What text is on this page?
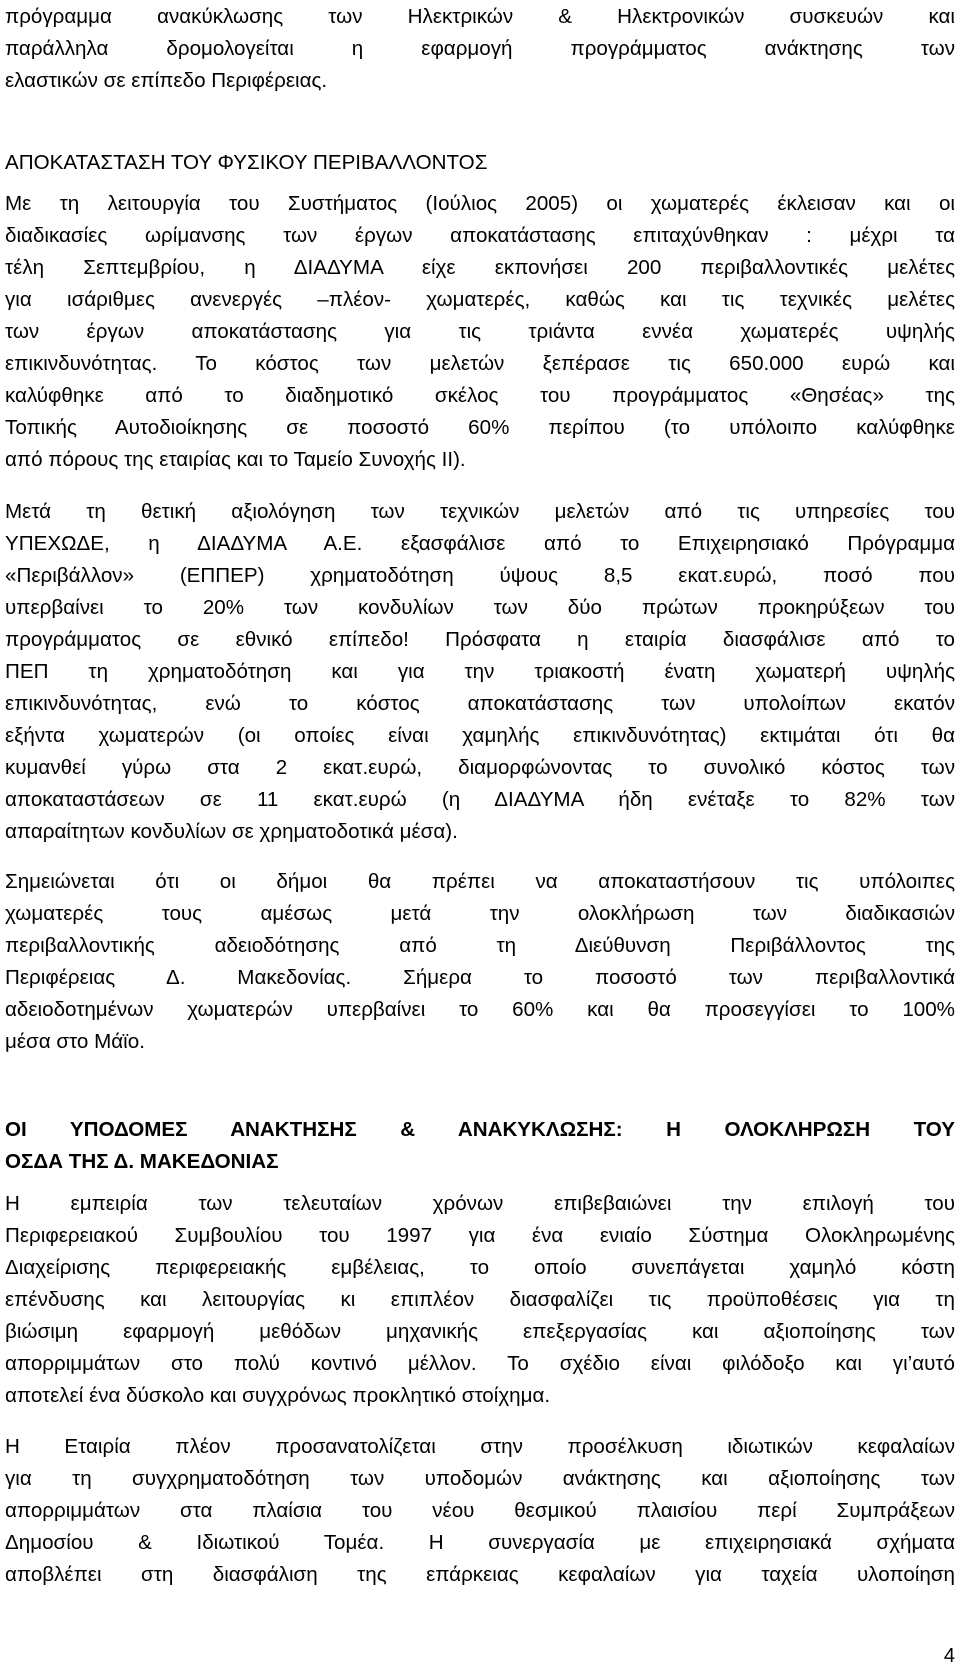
πρόγραμμα ανακύκλωσης των Ηλεκτρικών & Ηλεκτρονικών συσκευών και
παράλληλα δρομολογείται η εφαρμογή προγράμματος ανάκτησης των
ελαστικών σε επίπεδο Περιφέρειας.
ΑΠΟΚΑΤΑΣΤΑΣΗ ΤΟΥ ΦΥΣΙΚΟΥ ΠΕΡΙΒΑΛΛΟΝΤΟΣ
Με τη λειτουργία του Συστήματος (Ιούλιος 2005) οι χωματερές έκλεισαν και οι
διαδικασίες ωρίμανσης των έργων αποκατάστασης επιταχύνθηκαν : μέχρι τα
τέλη Σεπτεμβρίου, η ΔΙΑΔΥΜΑ είχε εκπονήσει 200 περιβαλλοντικές μελέτες
για ισάριθμες ανενεργές –πλέον- χωματερές, καθώς και τις τεχνικές μελέτες
των έργων αποκατάστασης για τις τριάντα εννέα χωματερές υψηλής
επικινδυνότητας. Το κόστος των μελετών ξεπέρασε τις 650.000 ευρώ και
καλύφθηκε από το διαδημοτικό σκέλος του προγράμματος «Θησέας» της
Τοπικής Αυτοδιοίκησης σε ποσοστό 60% περίπου (το υπόλοιπο καλύφθηκε
από πόρους της εταιρίας και το Ταμείο Συνοχής ΙΙ).
Μετά τη θετική αξιολόγηση των τεχνικών μελετών από τις υπηρεσίες του
ΥΠΕΧΩΔΕ, η ΔΙΑΔΥΜΑ Α.Ε. εξασφάλισε από το Επιχειρησιακό Πρόγραμμα
«Περιβάλλον» (ΕΠΠΕΡ) χρηματοδότηση ύψους 8,5 εκατ.ευρώ, ποσό που
υπερβαίνει το 20% των κονδυλίων των δύο πρώτων προκηρύξεων του
προγράμματος σε εθνικό επίπεδο! Πρόσφατα η εταιρία διασφάλισε από το
ΠΕΠ τη χρηματοδότηση και για την τριακοστή ένατη χωματερή υψηλής
επικινδυνότητας, ενώ το κόστος αποκατάστασης των υπολοίπων εκατόν
εξήντα χωματερών (οι οποίες είναι χαμηλής επικινδυνότητας) εκτιμάται ότι θα
κυμανθεί γύρω στα 2 εκατ.ευρώ, διαμορφώνοντας το συνολικό κόστος των
αποκαταστάσεων σε 11 εκατ.ευρώ (η ΔΙΑΔΥΜΑ ήδη ενέταξε το 82% των
απαραίτητων κονδυλίων σε χρηματοδοτικά μέσα).
Σημειώνεται ότι οι δήμοι θα πρέπει να αποκαταστήσουν τις υπόλοιπες
χωματερές τους αμέσως μετά την ολοκλήρωση των διαδικασιών
περιβαλλοντικής αδειοδότησης από τη Διεύθυνση Περιβάλλοντος της
Περιφέρειας Δ. Μακεδονίας. Σήμερα το ποσοστό των περιβαλλοντικά
αδειοδοτημένων χωματερών υπερβαίνει το 60% και θα προσεγγίσει το 100%
μέσα στο Μάϊο.
ΟΙ ΥΠΟΔΟΜΕΣ ΑΝΑΚΤΗΣΗΣ & ΑΝΑΚΥΚΛΩΣΗΣ: Η ΟΛΟΚΛΗΡΩΣΗ ΤΟΥ
ΟΣΔΑ ΤΗΣ Δ. ΜΑΚΕΔΟΝΙΑΣ
Η εμπειρία των τελευταίων χρόνων επιβεβαιώνει την επιλογή του
Περιφερειακού Συμβουλίου του 1997 για ένα ενιαίο Σύστημα Ολοκληρωμένης
Διαχείρισης περιφερειακής εμβέλειας, το οποίο συνεπάγεται χαμηλό κόστη
επένδυσης και λειτουργίας κι επιπλέον διασφαλίζει τις προϋποθέσεις για τη
βιώσιμη εφαρμογή μεθόδων μηχανικής επεξεργασίας και αξιοποίησης των
απορριμμάτων στο πολύ κοντινό μέλλον. Το σχέδιο είναι φιλόδοξο και γι’αυτό
αποτελεί ένα δύσκολο και συγχρόνως προκλητικό στοίχημα.
Η Εταιρία πλέον προσανατολίζεται στην προσέλκυση ιδιωτικών κεφαλαίων
για τη συγχρηματοδότηση των υποδομών ανάκτησης και αξιοποίησης των
απορριμμάτων στα πλαίσια του νέου θεσμικού πλαισίου περί Συμπράξεων
Δημοσίου & Ιδιωτικού Τομέα. Η συνεργασία με επιχειρησιακά σχήματα
αποβλέπει στη διασφάλιση της επάρκειας κεφαλαίων για ταχεία υλοποίηση
4
